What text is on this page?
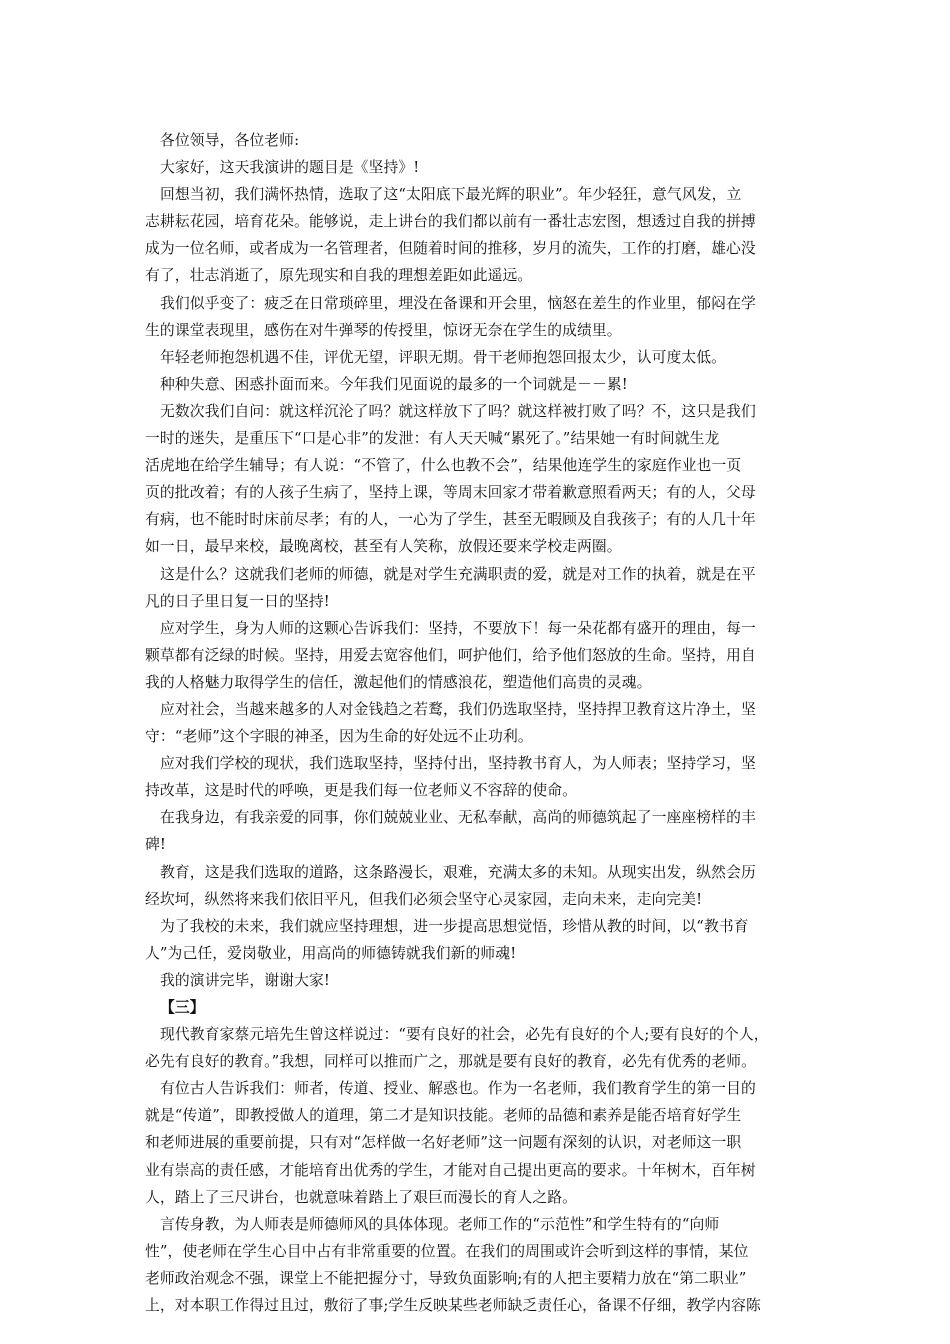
各位领导，各位老师:
大家好，这天我演讲的题目是《坚持》!
回想当初，我们满怀热情，选取了这“太阳底下最光辉的职业”。年少轻狂，意气风发，立
志耕耘花园，培育花朵。能够说，走上讲台的我们都以前有一番壮志宏图，想透过自我的拼搏
成为一位名师，或者成为一名管理者，但随着时间的推移，岁月的流失，工作的打磨，雄心没
有了，壮志消逝了，原先现实和自我的理想差距如此遥远。
我们似乎变了：疲乏在日常琐碎里，埋没在备课和开会里，恼怒在差生的作业里，郁闷在学
生的课堂表现里，感伤在对牛弹琴的传授里，惊讶无奈在学生的成绩里。
年轻老师抱怨机遇不佳，评优无望，评职无期。骨干老师抱怨回报太少，认可度太低。
种种失意、困惑扑面而来。今年我们见面说的最多的一个词就是－－累!
无数次我们自问：就这样沉沦了吗？就这样放下了吗？就这样被打败了吗？不，这只是我们
一时的迷失，是重压下“口是心非”的发泄：有人天天喊“累死了。”结果她一有时间就生龙
活虎地在给学生辅导；有人说：“不管了，什么也教不会”，结果他连学生的家庭作业也一页
页的批改着；有的人孩子生病了，坚持上课，等周末回家才带着歉意照看两天；有的人，父母
有病，也不能时时床前尽孝；有的人，一心为了学生，甚至无暇顾及自我孩子；有的人几十年
如一日，最早来校，最晚离校，甚至有人笑称，放假还要来学校走两圈。
这是什么？这就我们老师的师德，就是对学生充满职责的爱，就是对工作的执着，就是在平
凡的日子里日复一日的坚持!
应对学生，身为人师的这颗心告诉我们：坚持，不要放下！每一朵花都有盛开的理由，每一
颗草都有泛绿的时候。坚持，用爱去宽容他们，呵护他们，给予他们怒放的生命。坚持，用自
我的人格魅力取得学生的信任，激起他们的情感浪花，塑造他们高贵的灵魂。
应对社会，当越来越多的人对金钱趋之若鹜，我们仍选取坚持，坚持捍卫教育这片净土，坚
守：“老师”这个字眼的神圣，因为生命的好处远不止功利。
应对我们学校的现状，我们选取坚持，坚持付出，坚持教书育人，为人师表；坚持学习，坚
持改革，这是时代的呼唤，更是我们每一位老师义不容辞的使命。
在我身边，有我亲爱的同事，你们兢兢业业、无私奉献，高尚的师德筑起了一座座榜样的丰
碑!
教育，这是我们选取的道路，这条路漫长，艰难，充满太多的未知。从现实出发，纵然会历
经坎坷，纵然将来我们依旧平凡，但我们必须会坚守心灵家园，走向未来，走向完美!
为了我校的未来，我们就应坚持理想，进一步提高思想觉悟，珍惜从教的时间，以“教书育
人”为己任，爱岗敬业，用高尚的师德铸就我们新的师魂!
我的演讲完毕，谢谢大家!
【三】
现代教育家蔡元培先生曾这样说过：“要有良好的社会，必先有良好的个人;要有良好的个人，
必先有良好的教育。”我想，同样可以推而广之，那就是要有良好的教育，必先有优秀的老师。
有位古人告诉我们：师者，传道、授业、解惑也。作为一名老师，我们教育学生的第一目的
就是“传道”，即教授做人的道理，第二才是知识技能。老师的品德和素养是能否培育好学生
和老师进展的重要前提，只有对“怎样做一名好老师”这一问题有深刻的认识，对老师这一职
业有崇高的责任感，才能培育出优秀的学生，才能对自己提出更高的要求。十年树木，百年树
人，踏上了三尺讲台，也就意味着踏上了艰巨而漫长的育人之路。
言传身教，为人师表是师德师风的具体体现。老师工作的“示范性”和学生特有的“向师
性”，使老师在学生心目中占有非常重要的位置。在我们的周围或许会听到这样的事情，某位
老师政治观念不强，课堂上不能把握分寸，导致负面影响;有的人把主要精力放在“第二职业”
上，对本职工作得过且过，敷衍了事;学生反映某些老师缺乏责任心，备课不仔细，教学内容陈
